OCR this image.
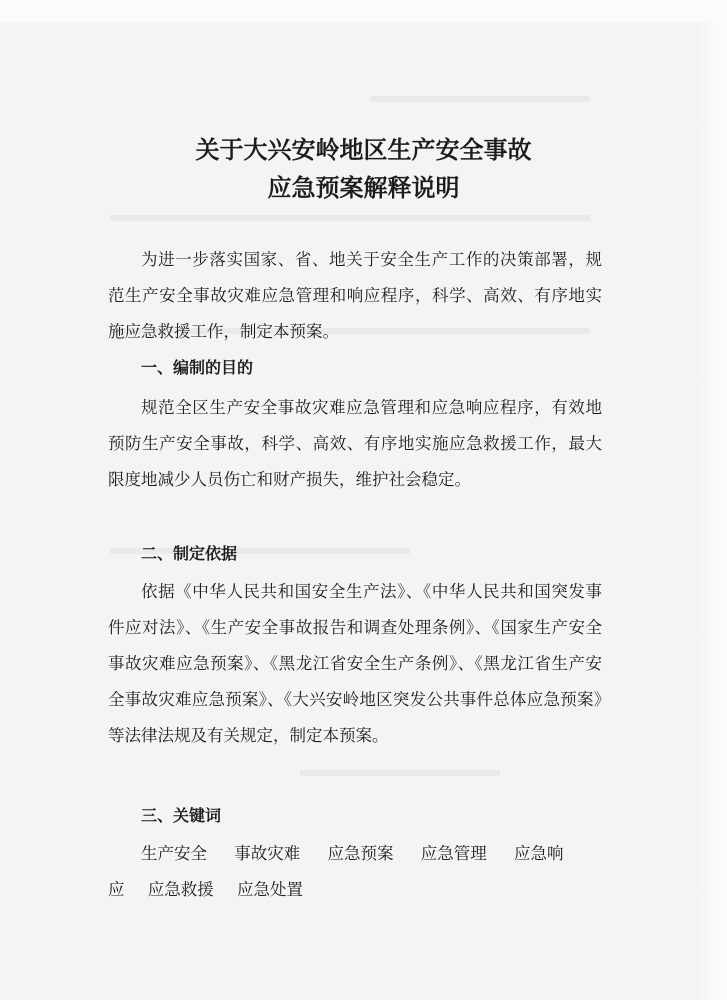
关于大兴安岭地区生产安全事故
应急预案解释说明

为进一步落实国家、省、地关于安全生产工作的决策部署，规范生产安全事故灾难应急管理和响应程序，科学、高效、有序地实施应急救援工作，制定本预案。

一、编制的目的

规范全区生产安全事故灾难应急管理和应急响应程序，有效地预防生产安全事故，科学、高效、有序地实施应急救援工作，最大限度地减少人员伤亡和财产损失，维护社会稳定。

二、制定依据

依据《中华人民共和国安全生产法》、《中华人民共和国突发事件应对法》、《生产安全事故报告和调查处理条例》、《国家生产安全事故灾难应急预案》、《黑龙江省安全生产条例》、《黑龙江省生产安全事故灾难应急预案》、《大兴安岭地区突发公共事件总体应急预案》等法律法规及有关规定，制定本预案。

三、关键词
生产安全 事故灾难 应急预案 应急管理 应急响
应 应急救援 应急处置
